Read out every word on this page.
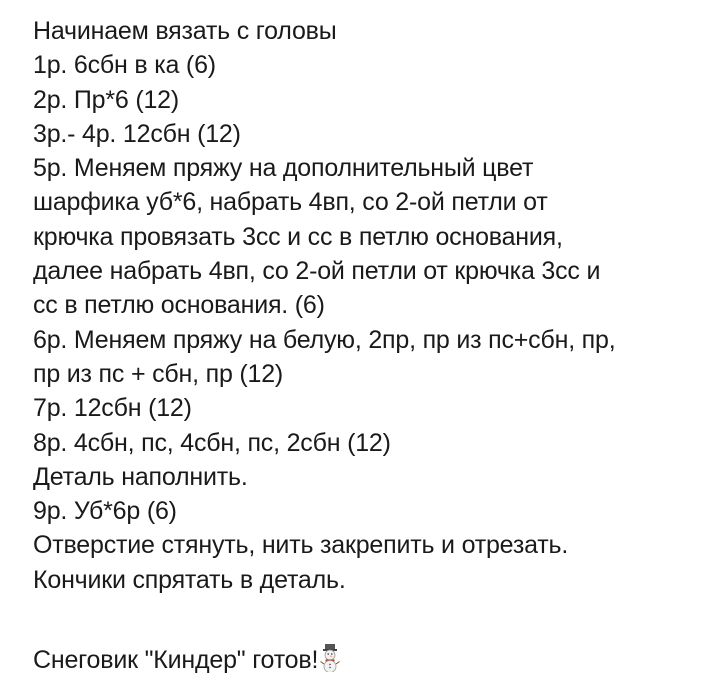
Начинаем вязать с головы
1р. 6сбн в ка (6)
2р. Пр*6 (12)
3р.- 4р. 12сбн (12)
5р. Меняем пряжу на дополнительный цвет
шарфика уб*6, набрать 4вп, со 2-ой петли от
крючка провязать 3сс и сс в петлю основания,
далее набрать 4вп, со 2-ой петли от крючка 3сс и
сс в петлю основания. (6)
6р. Меняем пряжу на белую, 2пр, пр из пс+сбн, пр,
пр из пс + сбн, пр (12)
7р. 12сбн (12)
8р. 4сбн, пс, 4сбн, пс, 2сбн (12)
Деталь наполнить.
9р. Уб*6р (6)
Отверстие стянуть, нить закрепить и отрезать.
Кончики спрятать в деталь.
Снеговик "Киндер" готов!
